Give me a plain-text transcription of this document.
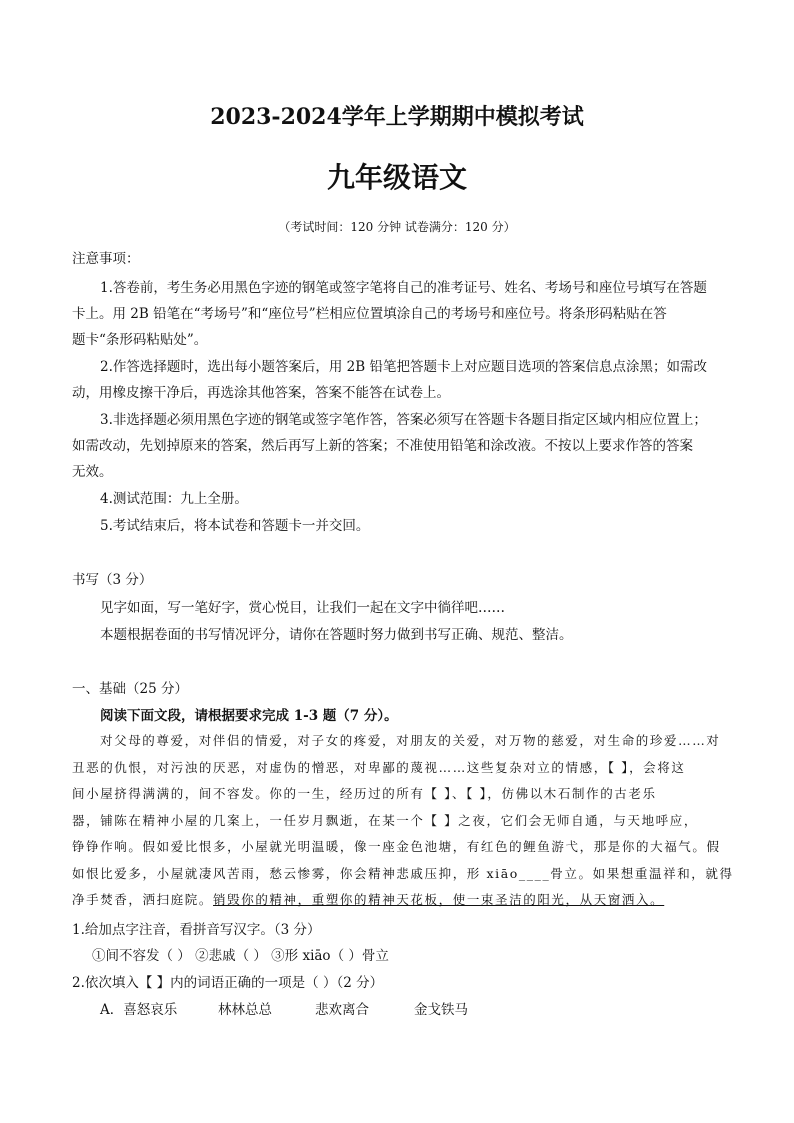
2023-2024学年上学期期中模拟考试
九年级语文
（考试时间：120 分钟 试卷满分：120 分）
注意事项：
1.答卷前，考生务必用黑色字迹的钢笔或签字笔将自己的准考证号、姓名、考场号和座位号填写在答题
卡上。用 2B 铅笔在“考场号”和“座位号”栏相应位置填涂自己的考场号和座位号。将条形码粘贴在答
题卡“条形码粘贴处”。
2.作答选择题时，选出每小题答案后，用 2B 铅笔把答题卡上对应题目选项的答案信息点涂黑；如需改
动，用橡皮擦干净后，再选涂其他答案，答案不能答在试卷上。
3.非选择题必须用黑色字迹的钢笔或签字笔作答，答案必须写在答题卡各题目指定区域内相应位置上；
如需改动，先划掉原来的答案，然后再写上新的答案；不准使用铅笔和涂改液。不按以上要求作答的答案
无效。
4.测试范围：九上全册。
5.考试结束后，将本试卷和答题卡一并交回。
书写（3 分）
见字如面，写一笔好字，赏心悦目，让我们一起在文字中徜徉吧……
本题根据卷面的书写情况评分，请你在答题时努力做到书写正确、规范、整洁。
一、基础（25 分）
阅读下面文段，请根据要求完成 1-3 题（7 分）。
对父母的尊爱，对伴侣的情爱，对子女的疼爱，对朋友的关爱，对万物的慈爱，对生命的珍爱……对
丑恶的仇恨，对污浊的厌恶，对虚伪的憎恶，对卑鄙的蔑视……这些复杂对立的情感，【 】，会将这
间小屋挤得满满的，间不容发。你的一生，经历过的所有【 】、【 】，仿佛以木石制作的古老乐
器，铺陈在精神小屋的几案上，一任岁月飘逝，在某一个【 】之夜，它们会无师自通，与天地呼应，
铮铮作响。假如爱比恨多，小屋就光明温暖，像一座金色池塘，有红色的鲤鱼游弋，那是你的大福气。假
如恨比爱多，小屋就凄风苦雨，愁云惨雾，你会精神悲戚压抑，形 xiāo____骨立。如果想重温祥和，就得
净手焚香，洒扫庭院。销毁你的精神，重塑你的精神天花板，使一束圣洁的阳光，从天窗洒入。
1.给加点字注音，看拼音写汉字。（3 分）
①间不容发（ ） ②悲戚（ ） ③形 xiāo（ ）骨立
2.依次填入【 】内的词语正确的一项是（ ）（2 分）
A．喜怒哀乐	林林总总	悲欢离合	金戈铁马
